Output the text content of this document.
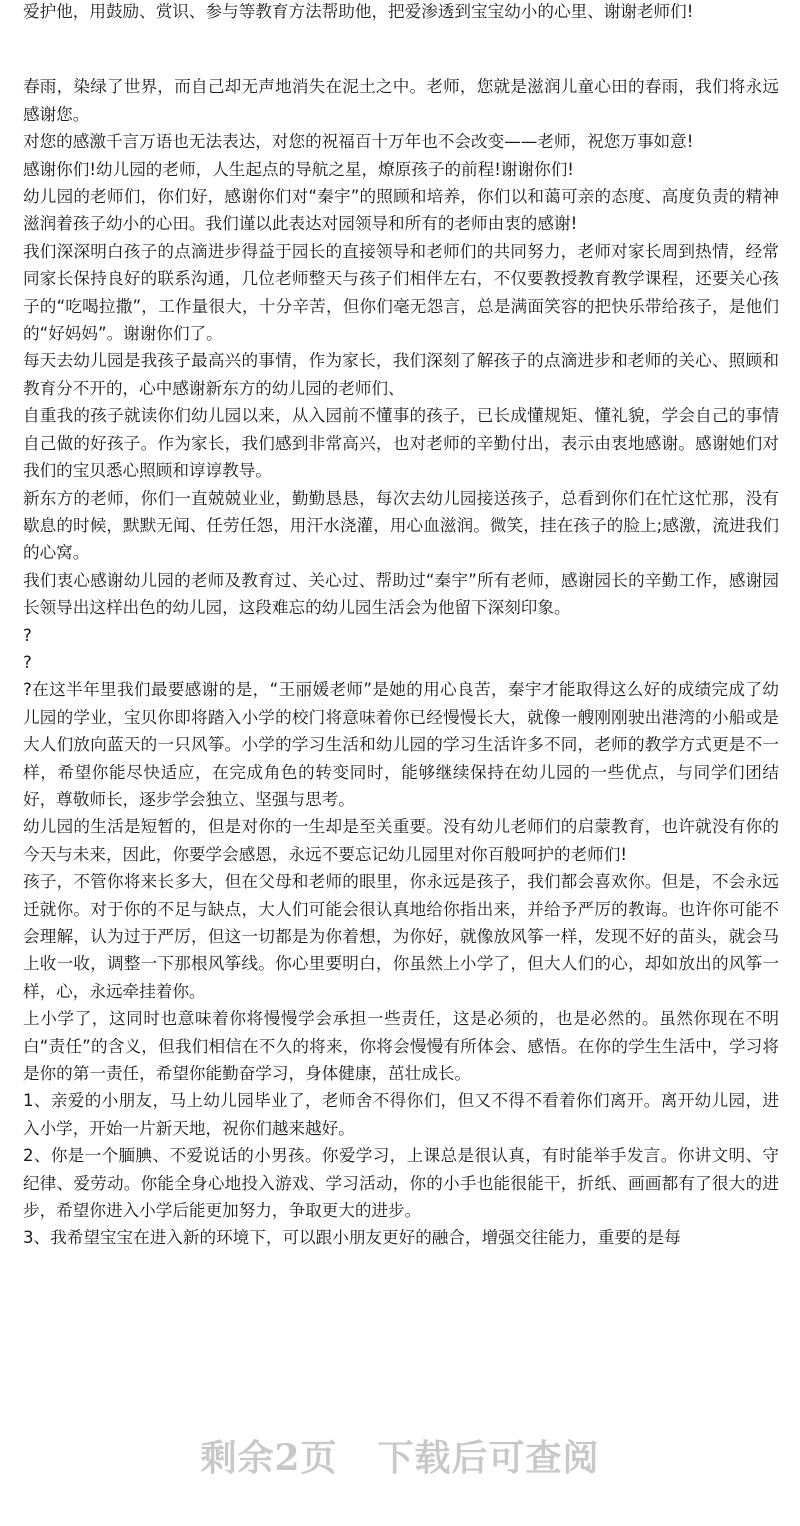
爱护他，用鼓励、赏识、参与等教育方法帮助他，把爱渗透到宝宝幼小的心里、谢谢老师们!

春雨，染绿了世界，而自己却无声地消失在泥土之中。老师，您就是滋润儿童心田的春雨，我们将永远感谢您。

对您的感激千言万语也无法表达，对您的祝福百十万年也不会改变——老师，祝您万事如意!

感谢你们!幼儿园的老师，人生起点的导航之星，燎原孩子的前程!谢谢你们!

幼儿园的老师们，你们好，感谢你们对“秦宇”的照顾和培养，你们以和蔼可亲的态度、高度负责的精神滋润着孩子幼小的心田。我们谨以此表达对园领导和所有的老师由衷的感谢!

我们深深明白孩子的点滴进步得益于园长的直接领导和老师们的共同努力，老师对家长周到热情，经常同家长保持良好的联系沟通，几位老师整天与孩子们相伴左右，不仅要教授教育教学课程，还要关心孩子的“吃喝拉撒”，工作量很大，十分辛苦，但你们毫无怨言，总是满面笑容的把快乐带给孩子，是他们的“好妈妈”。谢谢你们了。

每天去幼儿园是我孩子最高兴的事情，作为家长，我们深刻了解孩子的点滴进步和老师的关心、照顾和教育分不开的，心中感谢新东方的幼儿园的老师们、

自重我的孩子就读你们幼儿园以来，从入园前不懂事的孩子，已长成懂规矩、懂礼貌，学会自己的事情自己做的好孩子。作为家长，我们感到非常高兴，也对老师的辛勤付出，表示由衷地感谢。感谢她们对我们的宝贝悉心照顾和谆谆教导。

新东方的老师，你们一直兢兢业业，勤勤恳恳，每次去幼儿园接送孩子，总看到你们在忙这忙那，没有歇息的时候，默默无闻、任劳任怨，用汗水浇灌，用心血滋润。微笑，挂在孩子的脸上;感激，流进我们的心窝。

我们衷心感谢幼儿园的老师及教育过、关心过、帮助过“秦宇”所有老师，感谢园长的辛勤工作，感谢园长领导出这样出色的幼儿园，这段难忘的幼儿园生活会为他留下深刻印象。

?

?

?在这半年里我们最要感谢的是，“王丽媛老师”是她的用心良苦，秦宇才能取得这么好的成绩完成了幼儿园的学业，宝贝你即将踏入小学的校门将意味着你已经慢慢长大，就像一艘刚刚驶出港湾的小船或是大人们放向蓝天的一只风筝。小学的学习生活和幼儿园的学习生活许多不同，老师的教学方式更是不一样，希望你能尽快适应，在完成角色的转变同时，能够继续保持在幼儿园的一些优点，与同学们团结好，尊敬师长，逐步学会独立、坚强与思考。

幼儿园的生活是短暂的，但是对你的一生却是至关重要。没有幼儿老师们的启蒙教育，也许就没有你的今天与未来，因此，你要学会感恩，永远不要忘记幼儿园里对你百般呵护的老师们!

孩子，不管你将来长多大，但在父母和老师的眼里，你永远是孩子，我们都会喜欢你。但是，不会永远迁就你。对于你的不足与缺点，大人们可能会很认真地给你指出来，并给予严厉的教诲。也许你可能不会理解，认为过于严厉，但这一切都是为你着想，为你好，就像放风筝一样，发现不好的苗头，就会马上收一收，调整一下那根风筝线。你心里要明白，你虽然上小学了，但大人们的心，却如放出的风筝一样，心，永远牵挂着你。

上小学了，这同时也意味着你将慢慢学会承担一些责任，这是必须的，也是必然的。虽然你现在不明白“责任”的含义，但我们相信在不久的将来，你将会慢慢有所体会、感悟。在你的学生生活中，学习将是你的第一责任，希望你能勤奋学习，身体健康，茁壮成长。

1、亲爱的小朋友，马上幼儿园毕业了，老师舍不得你们，但又不得不看着你们离开。离开幼儿园，进入小学，开始一片新天地，祝你们越来越好。

2、你是一个腼腆、不爱说话的小男孩。你爱学习，上课总是很认真，有时能举手发言。你讲文明、守纪律、爱劳动。你能全身心地投入游戏、学习活动，你的小手也能很能干，折纸、画画都有了很大的进步，希望你进入小学后能更加努力，争取更大的进步。

3、我希望宝宝在进入新的环境下，可以跟小朋友更好的融合，增强交往能力，重要的是每

剩余2页 下载后可查阅
